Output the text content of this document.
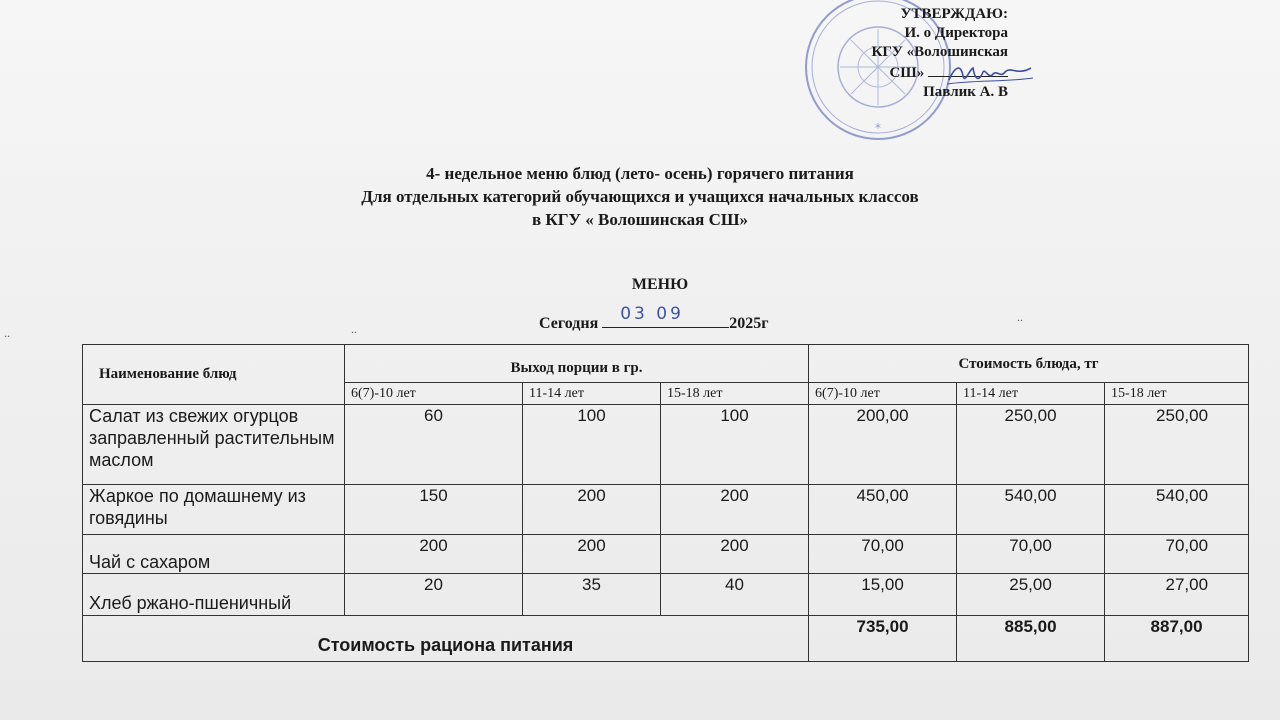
*
УТВЕРЖДАЮ:
И. о Директора
КГУ «Волошинская
СШ»
Павлик А. В
4- недельное меню блюд (лето- осень) горячего питания
Для отдельных категорий обучающихся и учащихся начальных классов
в КГУ « Волошинская СШ»
МЕНЮ
Сегодня 03 09	2025г
..	..
..
Наименование блюд	Выход порции в гр.			Стоимость блюда, тг		
	6(7)-10 лет	11-14 лет	15-18 лет	6(7)-10 лет	11-14 лет	15-18 лет
Салат из свежих огурцов заправленный растительным маслом	60	100	100	200,00	250,00	250,00
Жаркое по домашнему из говядины	150	200	200	450,00	540,00	540,00
Чай с сахаром	200	200	200	70,00	70,00	70,00
Хлеб ржано-пшеничный	20	35	40	15,00	25,00	27,00
Стоимость рациона питания				735,00	885,00	887,00
